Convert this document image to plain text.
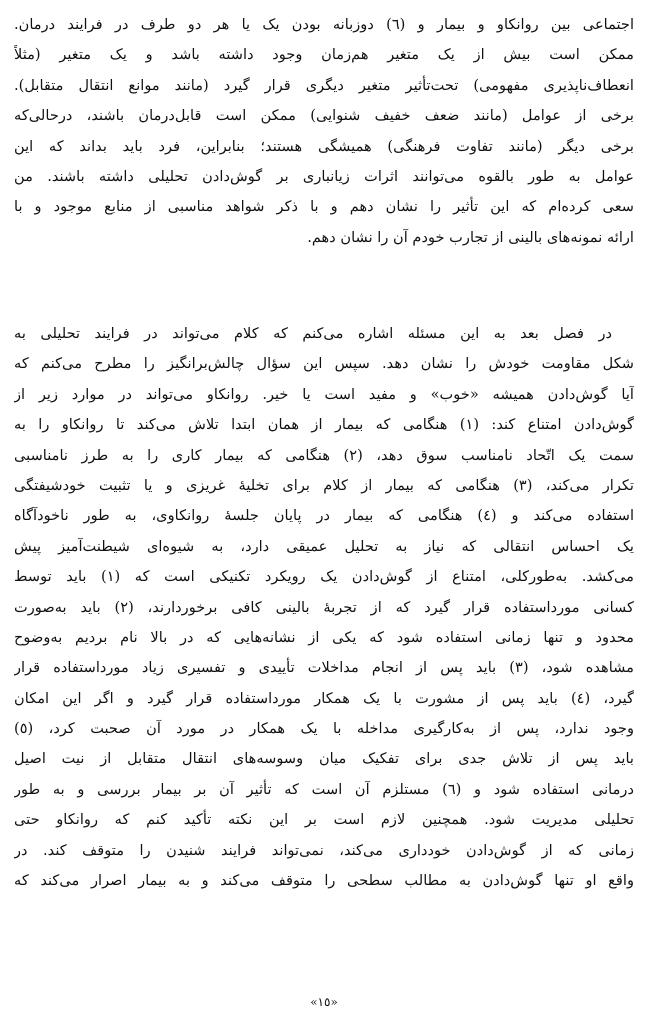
اجتماعی بین روانکاو و بیمار و (٦) دوزبانه بودن یک یا هر دو طرف در فرایند درمان.
ممکن است بیش از یک متغیر هم‌زمان وجود داشته باشد و یک متغیر (مثلاً
انعطاف‌ناپذیری مفهومی) تحت‌تأثیر متغیر دیگری قرار گیرد (مانند موانع انتقال متقابل).
برخی از عوامل (مانند ضعف خفیف شنوایی) ممکن است قابل‌درمان باشند، درحالی‌که
برخی دیگر (مانند تفاوت فرهنگی) همیشگی هستند؛ بنابراین، فرد باید بداند که این
عوامل به طور بالقوه می‌توانند اثرات زیانباری بر گوش‌دادن تحلیلی داشته باشند. من
سعی کرده‌ام که این تأثیر را نشان دهم و با ذکر شواهد مناسبی از منابع موجود و با
ارائه نمونه‌های بالینی از تجارب خودم آن را نشان دهم.
در فصل بعد به این مسئله اشاره می‌کنم که کلام می‌تواند در فرایند تحلیلی به
شکل مقاومت خودش را نشان دهد. سپس این سؤال چالش‌برانگیز را مطرح می‌کنم که
آیا گوش‌دادن همیشه «خوب» و مفید است یا خیر. روانکاو می‌تواند در موارد زیر از
گوش‌دادن امتناع کند: (١) هنگامی که بیمار از همان ابتدا تلاش می‌کند تا روانکاو را به
سمت یک اتّحاد نامناسب سوق دهد، (٢) هنگامی که بیمار کاری را به طرز نامناسبی
تکرار می‌کند، (٣) هنگامی که بیمار از کلام برای تخلیهٔ غریزی و یا تثبیت خودشیفتگی
استفاده می‌کند و (٤) هنگامی که بیمار در پایان جلسهٔ روانکاوی، به طور ناخودآگاه
یک احساس انتقالی که نیاز به تحلیل عمیقی دارد، به شیوه‌ای شیطنت‌آمیز پیش
می‌کشد. به‌طورکلی، امتناع از گوش‌دادن یک رویکرد تکنیکی است که (١) باید توسط
کسانی مورداستفاده قرار گیرد که از تجربهٔ بالینی کافی برخوردارند، (٢) باید به‌صورت
محدود و تنها زمانی استفاده شود که یکی از نشانه‌هایی که در بالا نام بردیم به‌وضوح
مشاهده شود، (٣) باید پس از انجام مداخلات تأییدی و تفسیری زیاد مورداستفاده قرار
گیرد، (٤) باید پس از مشورت با یک همکار مورداستفاده قرار گیرد و اگر این امکان
وجود ندارد، پس از به‌کارگیری مداخله با یک همکار در مورد آن صحبت کرد، (٥)
باید پس از تلاش جدی برای تفکیک میان وسوسه‌های انتقال متقابل از نیت اصیل
درمانی استفاده شود و (٦) مستلزم آن است که تأثیر آن بر بیمار بررسی و به طور
تحلیلی مدیریت شود. همچنین لازم است بر این نکته تأکید کنم که روانکاو حتی
زمانی که از گوش‌دادن خودداری می‌کند، نمی‌تواند فرایند شنیدن را متوقف کند. در
واقع او تنها گوش‌دادن به مطالب سطحی را متوقف می‌کند و به بیمار اصرار می‌کند که
«١٥»
